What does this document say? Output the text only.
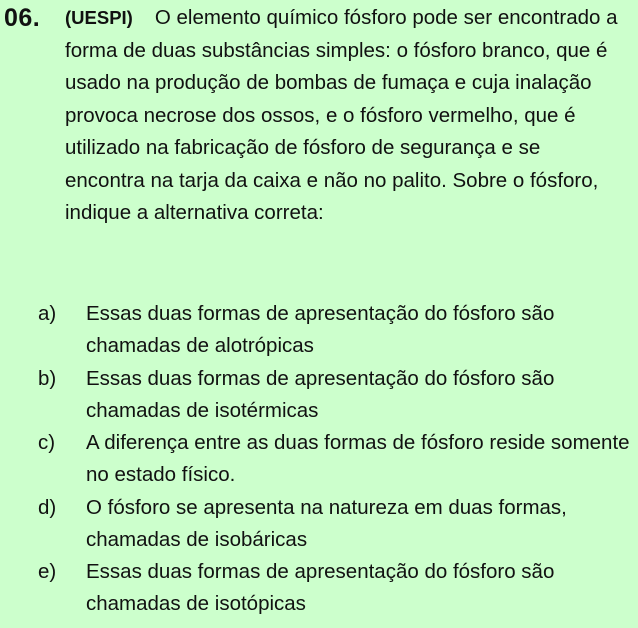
06. (UESPI) O elemento químico fósforo pode ser encontrado a forma de duas substâncias simples: o fósforo branco, que é usado na produção de bombas de fumaça e cuja inalação provoca necrose dos ossos, e o fósforo vermelho, que é utilizado na fabricação de fósforo de segurança e se encontra na tarja da caixa e não no palito. Sobre o fósforo, indique a alternativa correta:
a) Essas duas formas de apresentação do fósforo são chamadas de alotrópicas
b) Essas duas formas de apresentação do fósforo são chamadas de isotérmicas
c) A diferença entre as duas formas de fósforo reside somente no estado físico.
d) O fósforo se apresenta na natureza em duas formas, chamadas de isobáricas
e) Essas duas formas de apresentação do fósforo são chamadas de isotópicas
